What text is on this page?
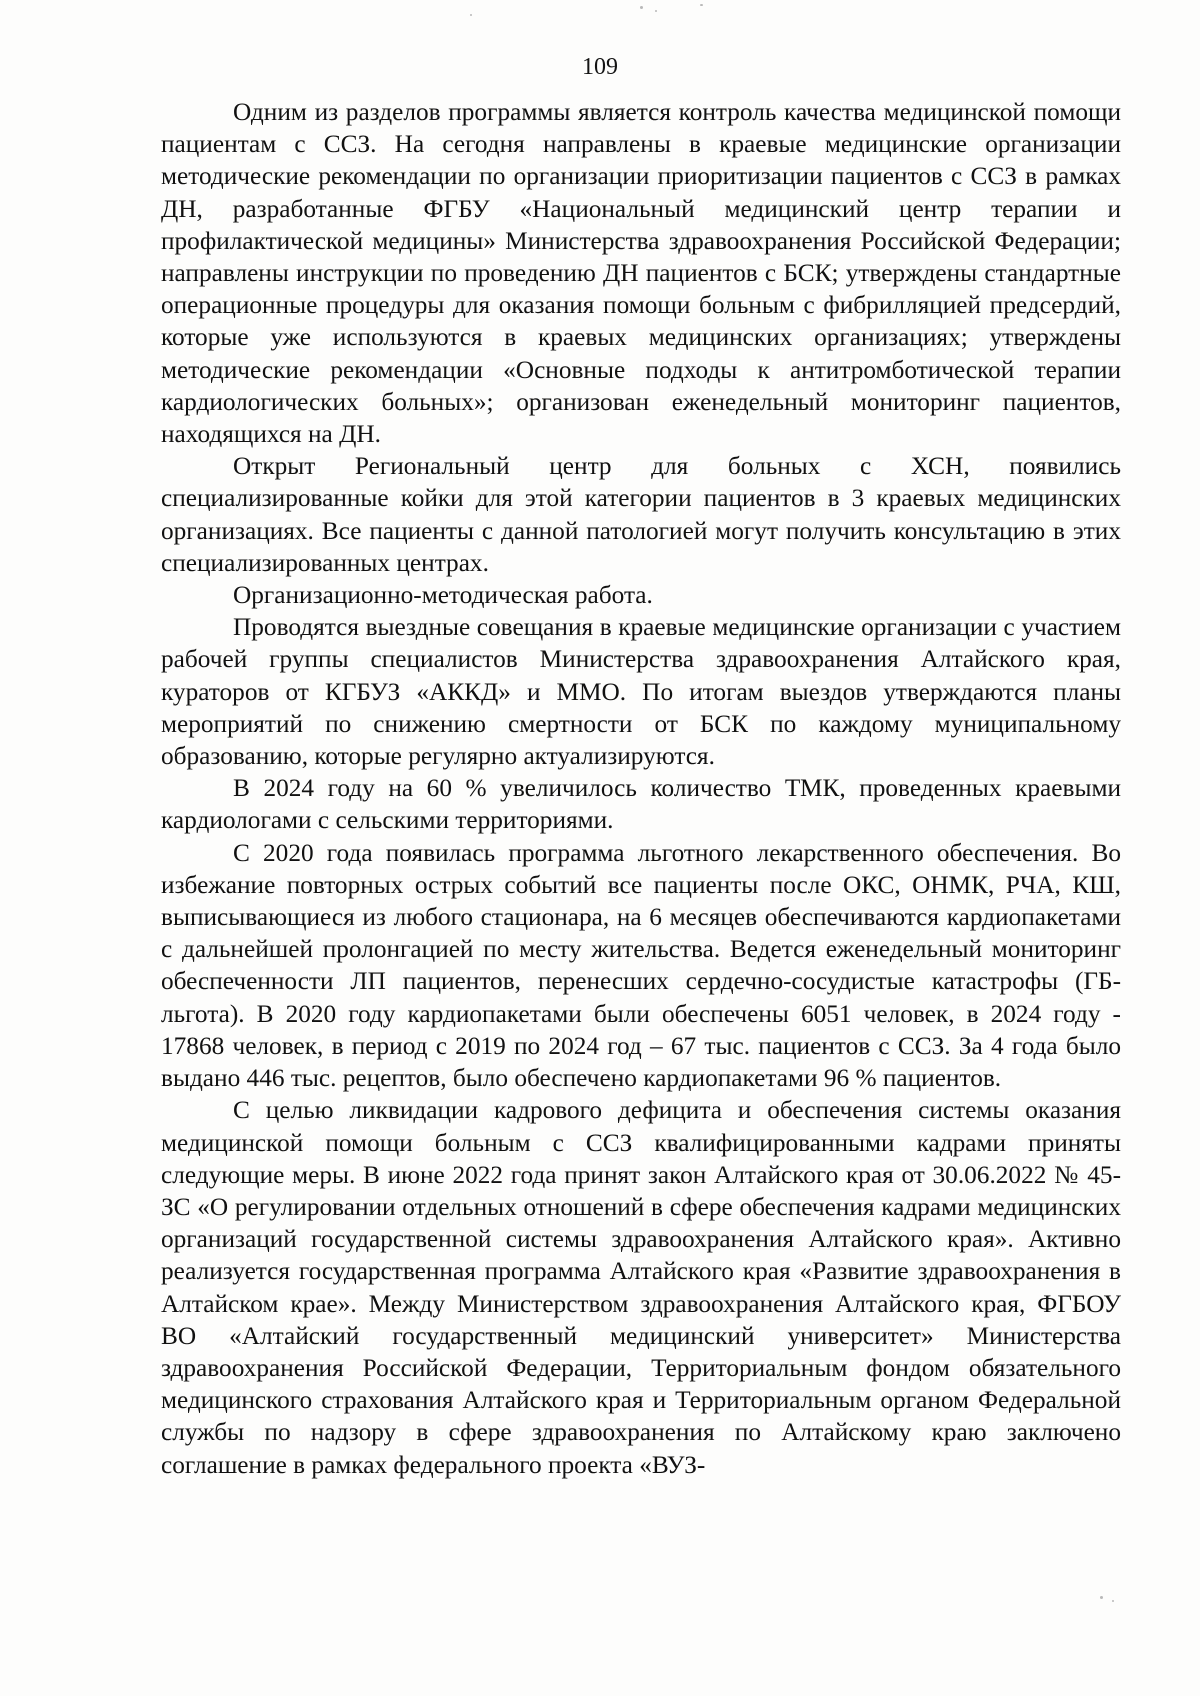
109

Одним из разделов программы является контроль качества медицинской помощи пациентам с ССЗ. На сегодня направлены в краевые медицинские организации методические рекомендации по организации приоритизации пациентов с ССЗ в рамках ДН, разработанные ФГБУ «Национальный медицинский центр терапии и профилактической медицины» Министерства здравоохранения Российской Федерации; направлены инструкции по проведению ДН пациентов с БСК; утверждены стандартные операционные процедуры для оказания помощи больным с фибрилляцией предсердий, которые уже используются в краевых медицинских организациях; утверждены методические рекомендации «Основные подходы к антитромботической терапии кардиологических больных»; организован еженедельный мониторинг пациентов, находящихся на ДН.

Открыт Региональный центр для больных с ХСН, появились специализированные койки для этой категории пациентов в 3 краевых медицинских организациях. Все пациенты с данной патологией могут получить консультацию в этих специализированных центрах.

Организационно-методическая работа.

Проводятся выездные совещания в краевые медицинские организации с участием рабочей группы специалистов Министерства здравоохранения Алтайского края, кураторов от КГБУЗ «АККД» и ММО. По итогам выездов утверждаются планы мероприятий по снижению смертности от БСК по каждому муниципальному образованию, которые регулярно актуализируются.

В 2024 году на 60 % увеличилось количество ТМК, проведенных краевыми кардиологами с сельскими территориями.

С 2020 года появилась программа льготного лекарственного обеспечения. Во избежание повторных острых событий все пациенты после ОКС, ОНМК, РЧА, КШ, выписывающиеся из любого стационара, на 6 месяцев обеспечиваются кардиопакетами с дальнейшей пролонгацией по месту жительства. Ведется еженедельный мониторинг обеспеченности ЛП пациентов, перенесших сердечно-сосудистые катастрофы (ГБ-льгота). В 2020 году кардиопакетами были обеспечены 6051 человек, в 2024 году - 17868 человек, в период с 2019 по 2024 год – 67 тыс. пациентов с ССЗ. За 4 года было выдано 446 тыс. рецептов, было обеспечено кардиопакетами 96 % пациентов.

С целью ликвидации кадрового дефицита и обеспечения системы оказания медицинской помощи больным с ССЗ квалифицированными кадрами приняты следующие меры. В июне 2022 года принят закон Алтайского края от 30.06.2022 № 45-ЗС «О регулировании отдельных отношений в сфере обеспечения кадрами медицинских организаций государственной системы здравоохранения Алтайского края». Активно реализуется государственная программа Алтайского края «Развитие здравоохранения в Алтайском крае». Между Министерством здравоохранения Алтайского края, ФГБОУ ВО «Алтайский государственный медицинский университет» Министерства здравоохранения Российской Федерации, Территориальным фондом обязательного медицинского страхования Алтайского края и Территориальным органом Федеральной службы по надзору в сфере здравоохранения по Алтайскому краю заключено соглашение в рамках федерального проекта «ВУЗ-
